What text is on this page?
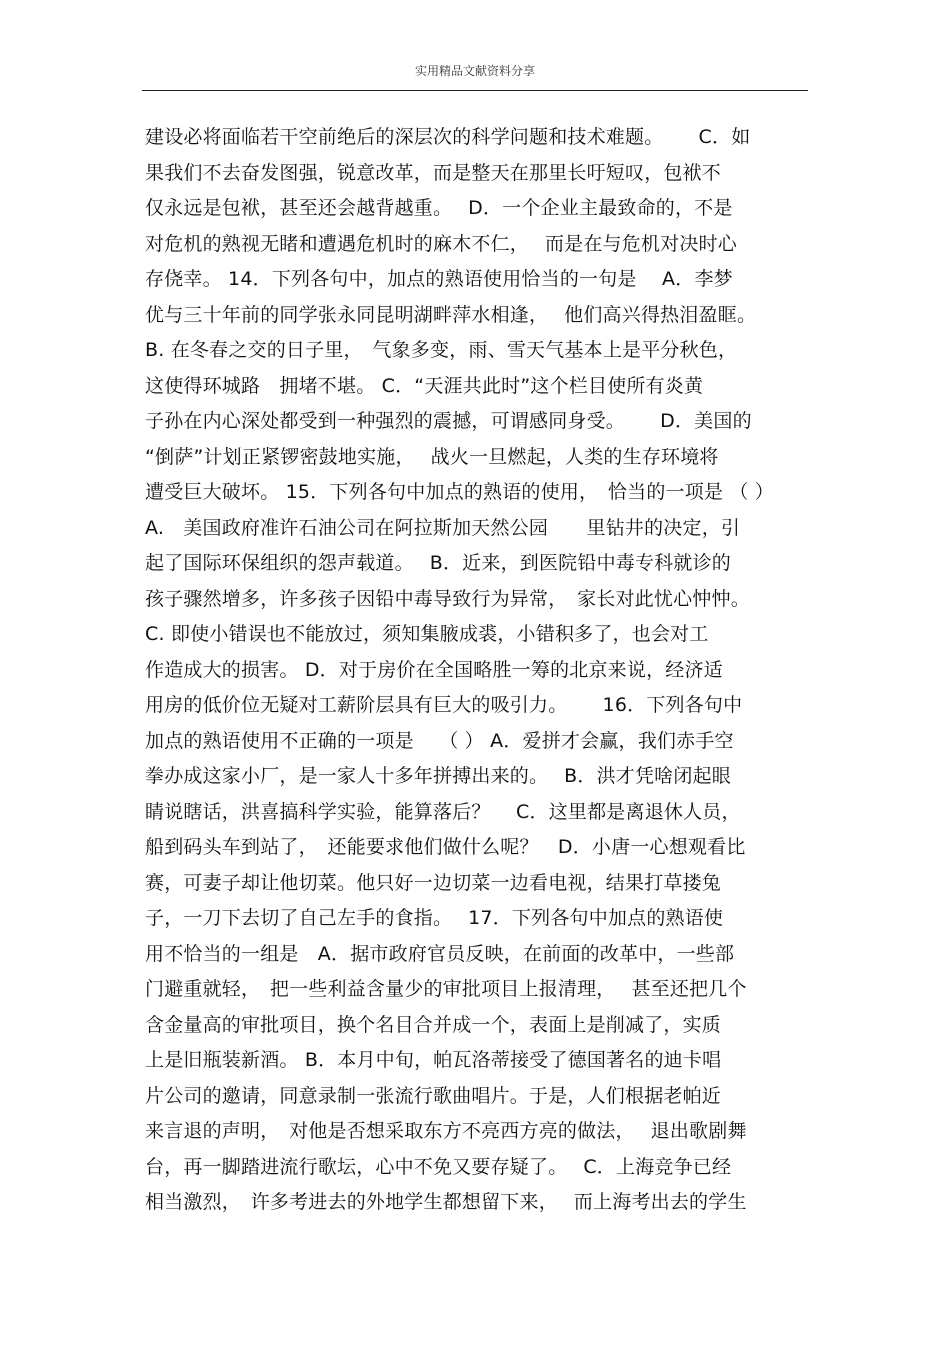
实用精品文献资料分享
建设必将面临若干空前绝后的深层次的科学问题和技术难题。　　 C．如
果我们不去奋发图强，锐意改革，而是整天在那里长吁短叹，包袱不
仅永远是包袱，甚至还会越背越重。　 D．一个企业主最致命的，不是
对危机的熟视无睹和遭遇危机时的麻木不仁，　 而是在与危机对决时心
存侥幸。 14．下列各句中，加点的熟语使用恰当的一句是　 A．李梦
优与三十年前的同学张永同昆明湖畔萍水相逢，　 他们高兴得热泪盈眶。
B. 在冬春之交的日子里，　气象多变，雨、雪天气基本上是平分秋色，
这使得环城路　拥堵不堪。 C．“天涯共此时”这个栏目使所有炎黄
子孙在内心深处都受到一种强烈的震撼，可谓感同身受。　　 D．美国的
“倒萨”计划正紧锣密鼓地实施，　 战火一旦燃起，人类的生存环境将
遭受巨大破坏。 15．下列各句中加点的熟语的使用，　恰当的一项是 （ ）
A.　美国政府准许石油公司在阿拉斯加天然公园　　里钻井的决定，引
起了国际环保组织的怨声载道。　 B．近来，到医院铅中毒专科就诊的
孩子骤然增多，许多孩子因铅中毒导致行为异常，　家长对此忧心忡忡。
C. 即使小错误也不能放过，须知集腋成裘，小错积多了，也会对工
作造成大的损害。 D．对于房价在全国略胜一筹的北京来说，经济适
用房的低价位无疑对工薪阶层具有巨大的吸引力。　　 16．下列各句中
加点的熟语使用不正确的一项是　 （ ） A．爱拼才会赢，我们赤手空
拳办成这家小厂，是一家人十多年拼搏出来的。　 B．洪才凭啥闭起眼
睛说瞎话，洪喜搞科学实验，能算落后？　 C．这里都是离退休人员，
船到码头车到站了，　还能要求他们做什么呢？　D．小唐一心想观看比
赛，可妻子却让他切菜。他只好一边切菜一边看电视，结果打草搂兔
子，一刀下去切了自己左手的食指。　 17．下列各句中加点的熟语使
用不恰当的一组是　A．据市政府官员反映，在前面的改革中，一些部
门避重就轻，　把一些利益含量少的审批项目上报清理，　 甚至还把几个
含金量高的审批项目，换个名目合并成一个，表面上是削减了，实质
上是旧瓶装新酒。 B．本月中旬，帕瓦洛蒂接受了德国著名的迪卡唱
片公司的邀请，同意录制一张流行歌曲唱片。于是，人们根据老帕近
来言退的声明，　对他是否想采取东方不亮西方亮的做法，　 退出歌剧舞
台，再一脚踏进流行歌坛，心中不免又要存疑了。　 C．上海竞争已经
相当激烈，　许多考进去的外地学生都想留下来，　 而上海考出去的学生
